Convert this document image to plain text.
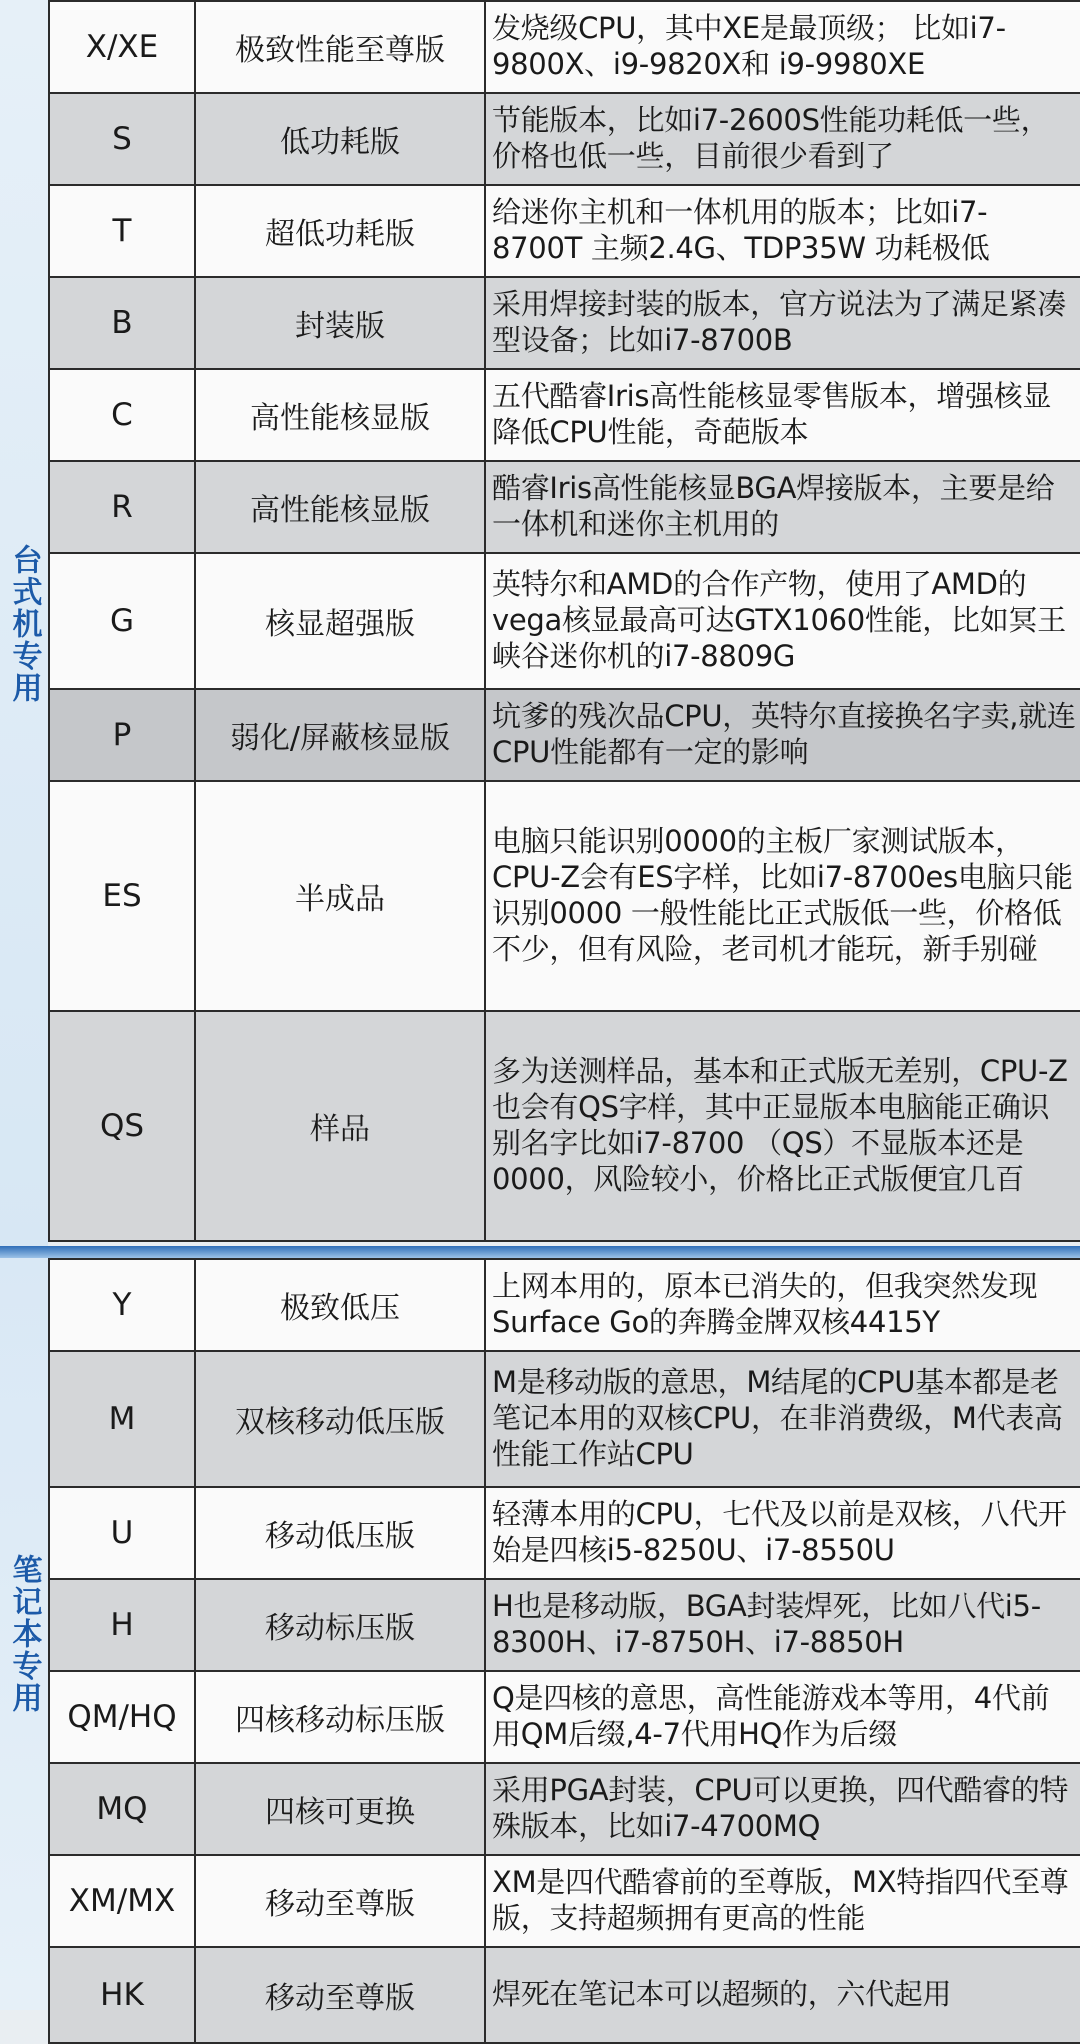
台式机专用
笔记本专用
X/XE	极致性能至尊版	发烧级CPU，其中XE是最顶级； 比如i7-9800X、i9-9820X和 i9-9980XE
S	低功耗版	节能版本，比如i7-2600S性能功耗低一些，价格也低一些，目前很少看到了
T	超低功耗版	给迷你主机和一体机用的版本；比如i7-8700T 主频2.4G、TDP35W 功耗极低
B	封装版	采用焊接封装的版本，官方说法为了满足紧凑型设备；比如i7-8700B
C	高性能核显版	五代酷睿Iris高性能核显零售版本，增强核显降低CPU性能，奇葩版本
R	高性能核显版	酷睿Iris高性能核显BGA焊接版本，主要是给一体机和迷你主机用的
G	核显超强版	英特尔和AMD的合作产物，使用了AMD的vega核显最高可达GTX1060性能，比如冥王峡谷迷你机的i7-8809G
P	弱化/屏蔽核显版	坑爹的残次品CPU，英特尔直接换名字卖,就连CPU性能都有一定的影响
ES	半成品	电脑只能识别0000的主板厂家测试版本，CPU-Z会有ES字样，比如i7-8700es电脑只能识别0000 一般性能比正式版低一些，价格低不少，但有风险，老司机才能玩，新手别碰
QS	样品	多为送测样品，基本和正式版无差别，CPU-Z也会有QS字样，其中正显版本电脑能正确识别名字比如i7-8700 （QS）不显版本还是0000，风险较小，价格比正式版便宜几百
Y	极致低压	上网本用的，原本已消失的，但我突然发现Surface Go的奔腾金牌双核4415Y
M	双核移动低压版	M是移动版的意思，M结尾的CPU基本都是老笔记本用的双核CPU，在非消费级，M代表高性能工作站CPU
U	移动低压版	轻薄本用的CPU，七代及以前是双核，八代开始是四核i5-8250U、i7-8550U
H	移动标压版	H也是移动版，BGA封装焊死，比如八代i5-8300H、i7-8750H、i7-8850H
QM/HQ	四核移动标压版	Q是四核的意思，高性能游戏本等用，4代前用QM后缀,4-7代用HQ作为后缀
MQ	四核可更换	采用PGA封装，CPU可以更换，四代酷睿的特殊版本，比如i7-4700MQ
XM/MX	移动至尊版	XM是四代酷睿前的至尊版，MX特指四代至尊版，支持超频拥有更高的性能
HK	移动至尊版	焊死在笔记本可以超频的，六代起用
